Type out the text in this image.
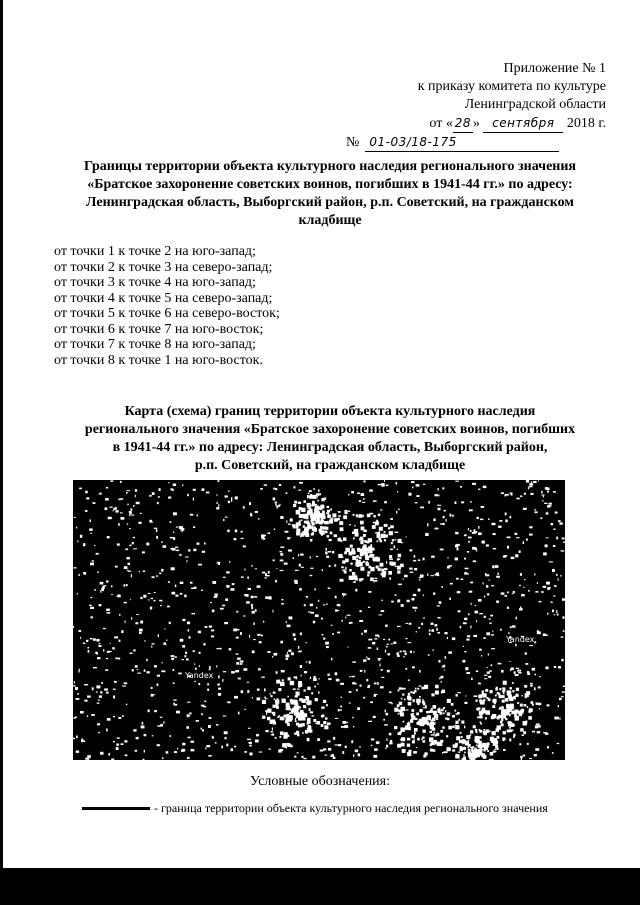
Приложение № 1
к приказу комитета по культуре
Ленинградской области
от « 28 » сентября 2018 г.
№ 01-03/18-175
Границы территории объекта культурного наследия регионального значения
«Братское захоронение советских воинов, погибших в 1941-44 гг.» по адресу:
Ленинградская область, Выборгский район, р.п. Советский, на гражданском
кладбище
от точки 1 к точке 2 на юго-запад;
от точки 2 к точке 3 на северо-запад;
от точки 3 к точке 4 на юго-запад;
от точки 4 к точке 5 на северо-запад;
от точки 5 к точке 6 на северо-восток;
от точки 6 к точке 7 на юго-восток;
от точки 7 к точке 8 на юго-запад;
от точки 8 к точке 1 на юго-восток.
Карта (схема) границ территории объекта культурного наследия
регионального значения «Братское захоронение советских воинов, погибших
в 1941-44 гг.» по адресу: Ленинградская область, Выборгский район,
р.п. Советский, на гражданском кладбище
Yandex
Yandex
Условные обозначения:
- граница территории объекта культурного наследия регионального значения
